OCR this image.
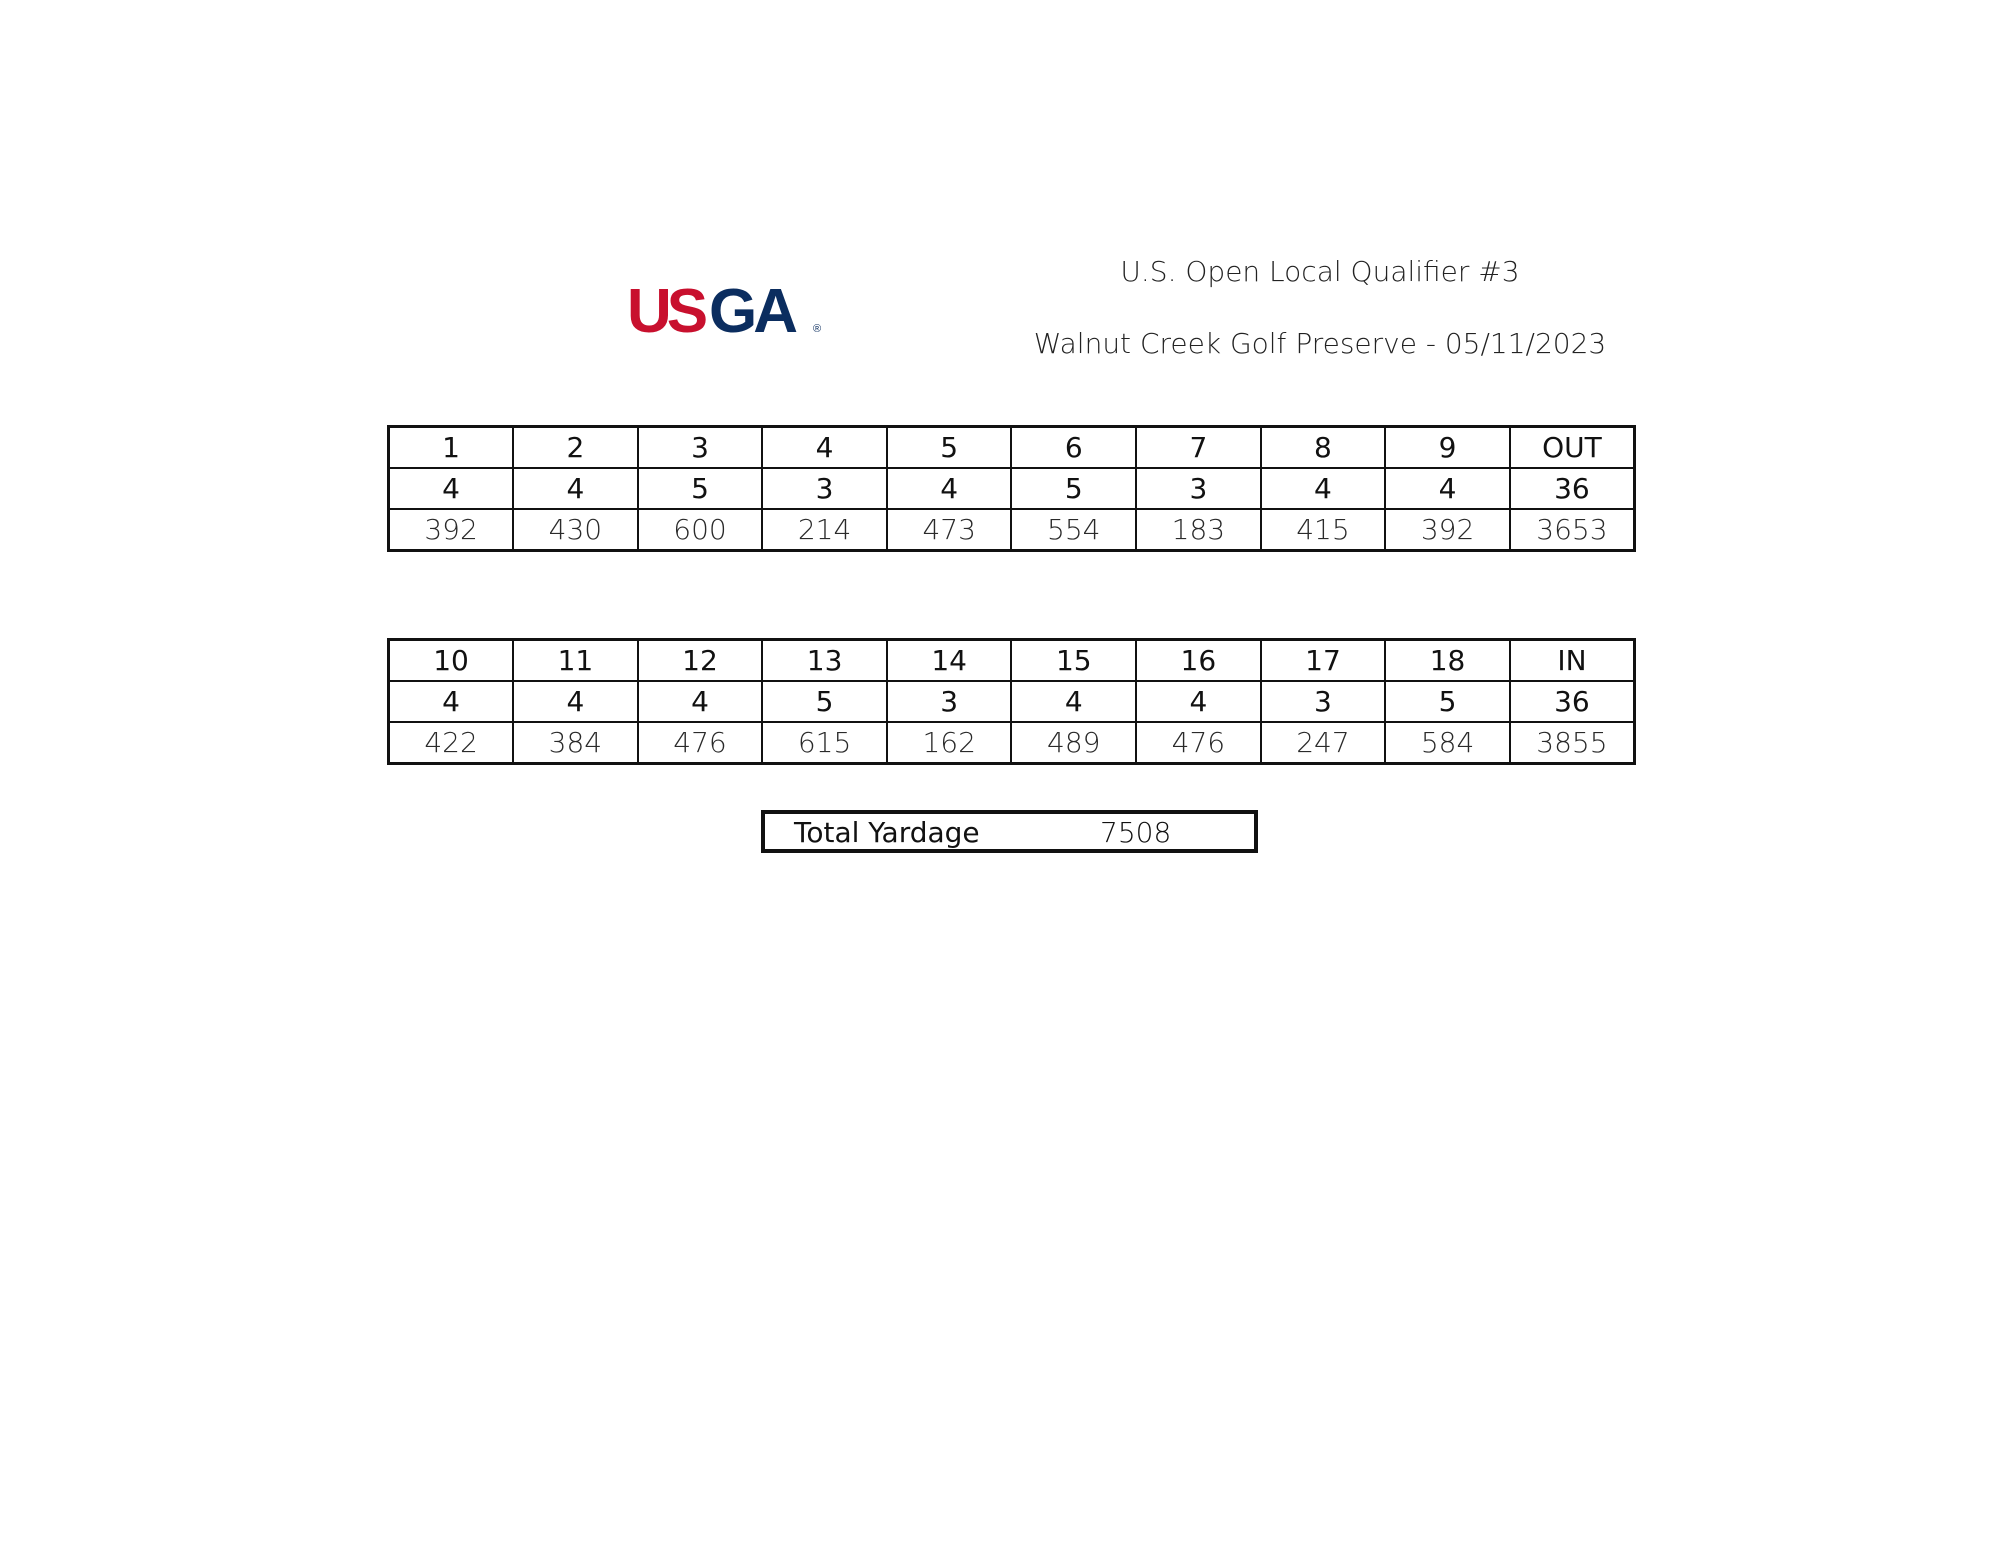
US GA ®
U.S. Open Local Qualifier #3
Walnut Creek Golf Preserve - 05/11/2023
1	2	3	4	5	6	7	8	9	OUT
4	4	5	3	4	5	3	4	4	36
392	430	600	214	473	554	183	415	392	3653
10	11	12	13	14	15	16	17	18	IN
4	4	4	5	3	4	4	3	5	36
422	384	476	615	162	489	476	247	584	3855
Total Yardage	7508
